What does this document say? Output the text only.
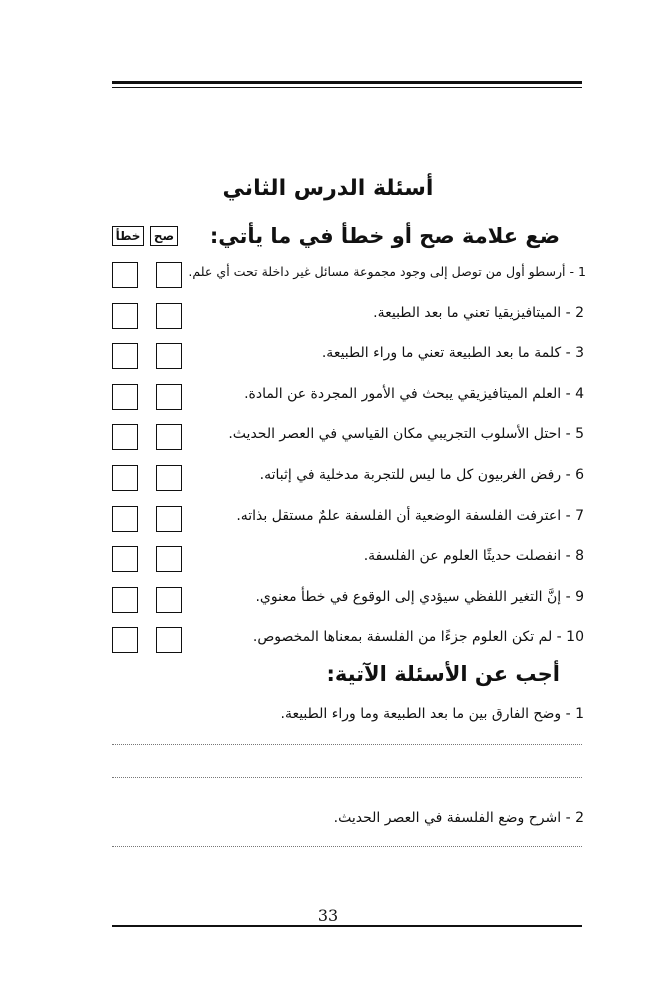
أسئلة الدرس الثاني
ضع علامة صح أو خطأ في ما يأتي:
خطأ	صح
1 - أرسطو أول من توصل إلى وجود مجموعة مسائل غير داخلة تحت أي علم.
2 - الميتافيزيقيا تعني ما بعد الطبيعة.
3 - كلمة ما بعد الطبيعة تعني ما وراء الطبيعة.
4 - العلم الميتافيزيقي يبحث في الأمور المجردة عن المادة.
5 - احتل الأسلوب التجريبي مكان القياسي في العصر الحديث.
6 - رفض الغربيون كل ما ليس للتجربة مدخلية في إثباته.
7 - اعترفت الفلسفة الوضعية أن الفلسفة علمٌ مستقل بذاته.
8 - انفصلت حديثًا العلوم عن الفلسفة.
9 - إنَّ التغير اللفظي سيؤدي إلى الوقوع في خطأ معنوي.
10 - لم تكن العلوم جزءًا من الفلسفة بمعناها المخصوص.
أجب عن الأسئلة الآتية:
1 - وضح الفارق بين ما بعد الطبيعة وما وراء الطبيعة.
2 - اشرح وضع الفلسفة في العصر الحديث.
33
